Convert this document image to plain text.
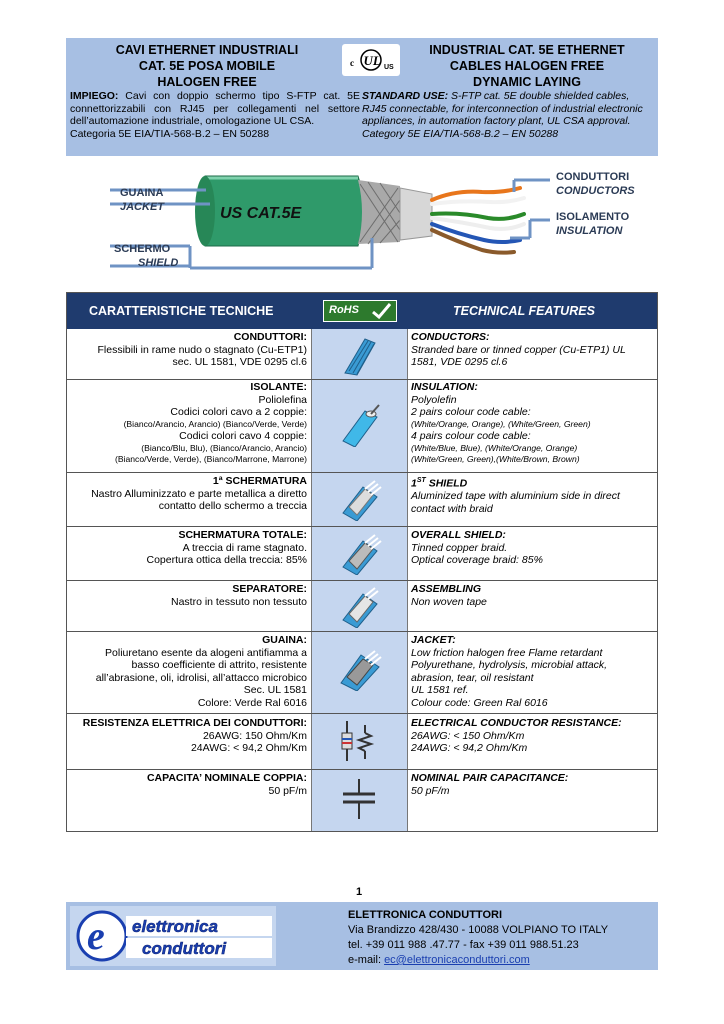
CAVI ETHERNET INDUSTRIALI
CAT. 5E POSA MOBILE
HALOGEN FREE
c UL US
INDUSTRIAL CAT. 5E ETHERNET
CABLES HALOGEN FREE
DYNAMIC LAYING
IMPIEGO: Cavi con doppio schermo tipo S-FTP cat. 5E connettorizzabili con RJ45 per collegamenti nel settore dell’automazione industriale, omologazione UL CSA.
Categoria 5E EIA/TIA-568-B.2 – EN 50288
STANDARD USE: S-FTP cat. 5E double shielded cables, RJ45 connectable, for interconnection of industrial electronic appliances, in automation factory plant, UL CSA approval.
Category 5E EIA/TIA-568-B.2 – EN 50288
US CAT.5E
GUAINA
JACKET
SCHERMO
SHIELD
CONDUTTORI
CONDUCTORS
ISOLAMENTO
INSULATION
CARATTERISTICHE TECNICHE	RoHS	TECHNICAL FEATURES
CONDUTTORI:
Flessibili in rame nudo o stagnato (Cu-ETP1)
sec. UL 1581, VDE 0295 cl.6
CONDUCTORS:
Stranded bare or tinned copper (Cu-ETP1) UL
1581, VDE 0295 cl.6
ISOLANTE:
Poliolefina
Codici colori cavo a 2 coppie:
(Bianco/Arancio, Arancio) (Bianco/Verde, Verde)
Codici colori cavo 4 coppie:
(Bianco/Blu, Blu), (Bianco/Arancio, Arancio)
(Bianco/Verde, Verde), (Bianco/Marrone, Marrone)
INSULATION:
Polyolefin
2 pairs colour code cable:
(White/Orange, Orange), (White/Green, Green)
4 pairs colour code cable:
(White/Blue, Blue), (White/Orange, Orange)
(White/Green, Green),(White/Brown, Brown)
1ª SCHERMATURA
Nastro Alluminizzato e parte metallica a diretto
contatto dello schermo a treccia
1ST SHIELD
Aluminized tape with aluminium side in direct
contact with braid
SCHERMATURA TOTALE:
A treccia di rame stagnato.
Copertura ottica della treccia: 85%
OVERALL SHIELD:
Tinned copper braid.
Optical coverage braid: 85%
SEPARATORE:
Nastro in tessuto non tessuto
ASSEMBLING
Non woven tape
GUAINA:
Poliuretano esente da alogeni antifiamma a
basso coefficiente di attrito, resistente
all’abrasione, oli, idrolisi, all’attacco microbico
Sec. UL 1581
Colore: Verde Ral 6016
JACKET:
Low friction halogen free Flame retardant
Polyurethane, hydrolysis, microbial attack,
abrasion, tear, oil resistant
UL 1581 ref.
Colour code: Green Ral 6016
RESISTENZA ELETTRICA DEI CONDUTTORI:
26AWG: 150 Ohm/Km
24AWG: < 94,2 Ohm/Km
ELECTRICAL CONDUCTOR RESISTANCE:
26AWG: < 150 Ohm/Km
24AWG: < 94,2 Ohm/Km
CAPACITA’ NOMINALE COPPIA:
50 pF/m
NOMINAL PAIR CAPACITANCE:
50 pF/m
1
e elettronica
conduttori
ELETTRONICA CONDUTTORI
Via Brandizzo 428/430 - 10088 VOLPIANO TO ITALY
tel. +39 011 988 .47.77 - fax +39 011 988.51.23
e-mail: ec@elettronicaconduttori.com
